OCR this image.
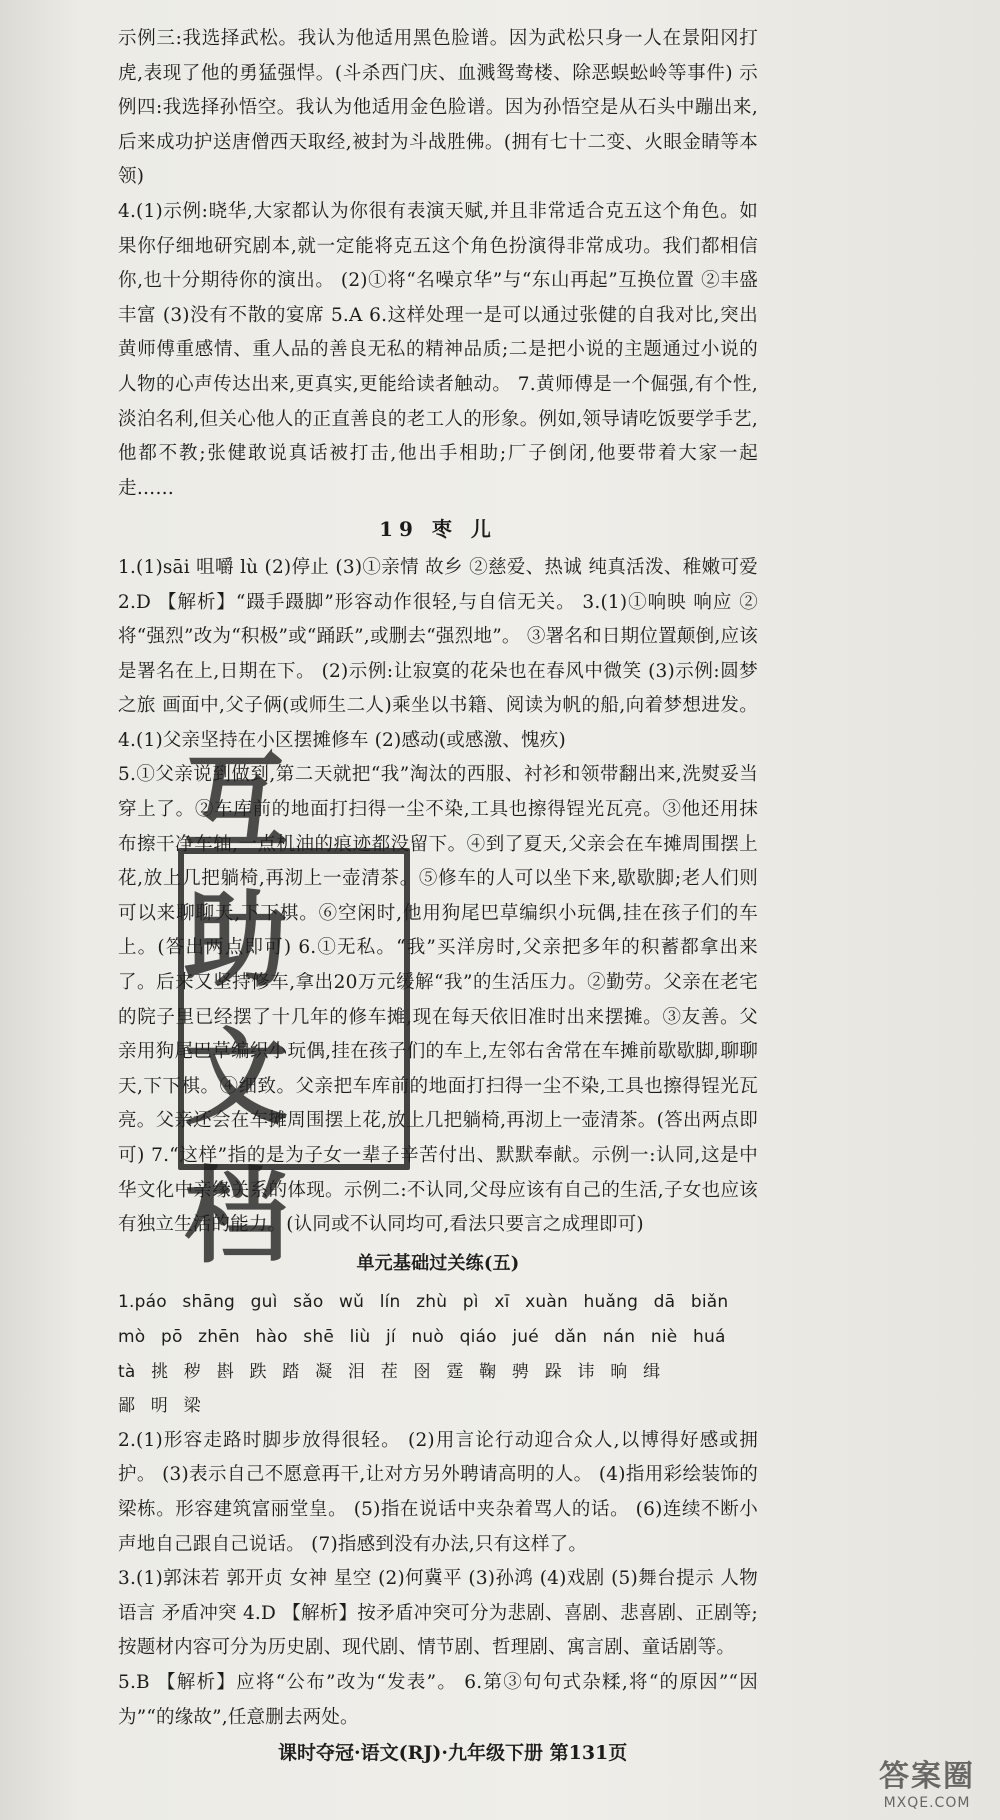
示例三:我选择武松。我认为他适用黑色脸谱。因为武松只身一人在景阳冈打虎,表现了他的勇猛强悍。(斗杀西门庆、血溅鸳鸯楼、除恶蜈蚣岭等事件) 示例四:我选择孙悟空。我认为他适用金色脸谱。因为孙悟空是从石头中蹦出来,后来成功护送唐僧西天取经,被封为斗战胜佛。(拥有七十二变、火眼金睛等本领)

4.(1)示例:晓华,大家都认为你很有表演天赋,并且非常适合克五这个角色。如果你仔细地研究剧本,就一定能将克五这个角色扮演得非常成功。我们都相信你,也十分期待你的演出。 (2)①将“名噪京华”与“东山再起”互换位置 ②丰盛 丰富 (3)没有不散的宴席 5.A 6.这样处理一是可以通过张健的自我对比,突出黄师傅重感情、重人品的善良无私的精神品质;二是把小说的主题通过小说的人物的心声传达出来,更真实,更能给读者触动。 7.黄师傅是一个倔强,有个性,淡泊名利,但关心他人的正直善良的老工人的形象。例如,领导请吃饭要学手艺,他都不教;张健敢说真话被打击,他出手相助;厂子倒闭,他要带着大家一起走……

19 枣 儿

1.(1)sāi 咀嚼 lù (2)停止 (3)①亲情 故乡 ②慈爱、热诚 纯真活泼、稚嫩可爱 2.D 【解析】“蹑手蹑脚”形容动作很轻,与自信无关。 3.(1)①响映 响应 ②将“强烈”改为“积极”或“踊跃”,或删去“强烈地”。 ③署名和日期位置颠倒,应该是署名在上,日期在下。 (2)示例:让寂寞的花朵也在春风中微笑 (3)示例:圆梦之旅 画面中,父子俩(或师生二人)乘坐以书籍、阅读为帆的船,向着梦想进发。 4.(1)父亲坚持在小区摆摊修车 (2)感动(或感激、愧疚)

5.①父亲说到做到,第二天就把“我”淘汰的西服、衬衫和领带翻出来,洗熨妥当穿上了。②车库前的地面打扫得一尘不染,工具也擦得锃光瓦亮。③他还用抹布擦干净车轴,一点机油的痕迹都没留下。④到了夏天,父亲会在车摊周围摆上花,放上几把躺椅,再沏上一壶清茶。⑤修车的人可以坐下来,歇歇脚;老人们则可以来聊聊天,下下棋。⑥空闲时,他用狗尾巴草编织小玩偶,挂在孩子们的车上。(答出两点即可) 6.①无私。“我”买洋房时,父亲把多年的积蓄都拿出来了。后来又坚持修车,拿出20万元缓解“我”的生活压力。②勤劳。父亲在老宅的院子里已经摆了十几年的修车摊,现在每天依旧准时出来摆摊。③友善。父亲用狗尾巴草编织小玩偶,挂在孩子们的车上,左邻右舍常在车摊前歇歇脚,聊聊天,下下棋。④细致。父亲把车库前的地面打扫得一尘不染,工具也擦得锃光瓦亮。父亲还会在车摊周围摆上花,放上几把躺椅,再沏上一壶清茶。(答出两点即可) 7.“这样”指的是为子女一辈子辛苦付出、默默奉献。示例一:认同,这是中华文化中亲缘关系的体现。示例二:不认同,父母应该有自己的生活,子女也应该有独立生活的能力。(认同或不认同均可,看法只要言之成理即可)

单元基础过关练(五)

1.páo shāng guì sǎo wǔ lín zhù pì xī xuàn huǎng dā biǎn

mò pō zhēn hào shē liù jí nuò qiáo jué dǎn nán niè huá

tà 挑 秽 斟 跌 踏 凝 泪 茬 囹 霆 鞠 骋 跺 讳 晌 缉

鄙 明 梁

2.(1)形容走路时脚步放得很轻。 (2)用言论行动迎合众人,以博得好感或拥护。 (3)表示自己不愿意再干,让对方另外聘请高明的人。 (4)指用彩绘装饰的梁栋。形容建筑富丽堂皇。 (5)指在说话中夹杂着骂人的话。 (6)连续不断小声地自己跟自己说话。 (7)指感到没有办法,只有这样了。

3.(1)郭沫若 郭开贞 女神 星空 (2)何冀平 (3)孙鸿 (4)戏剧 (5)舞台提示 人物语言 矛盾冲突 4.D 【解析】按矛盾冲突可分为悲剧、喜剧、悲喜剧、正剧等;按题材内容可分为历史剧、现代剧、情节剧、哲理剧、寓言剧、童话剧等。

5.B 【解析】应将“公布”改为“发表”。 6.第③句句式杂糅,将“的原因”“因为”“的缘故”,任意删去两处。

互助
文档
课时夺冠·语文(RJ)·九年级下册 第131页
答案圈
MXQE.COM
